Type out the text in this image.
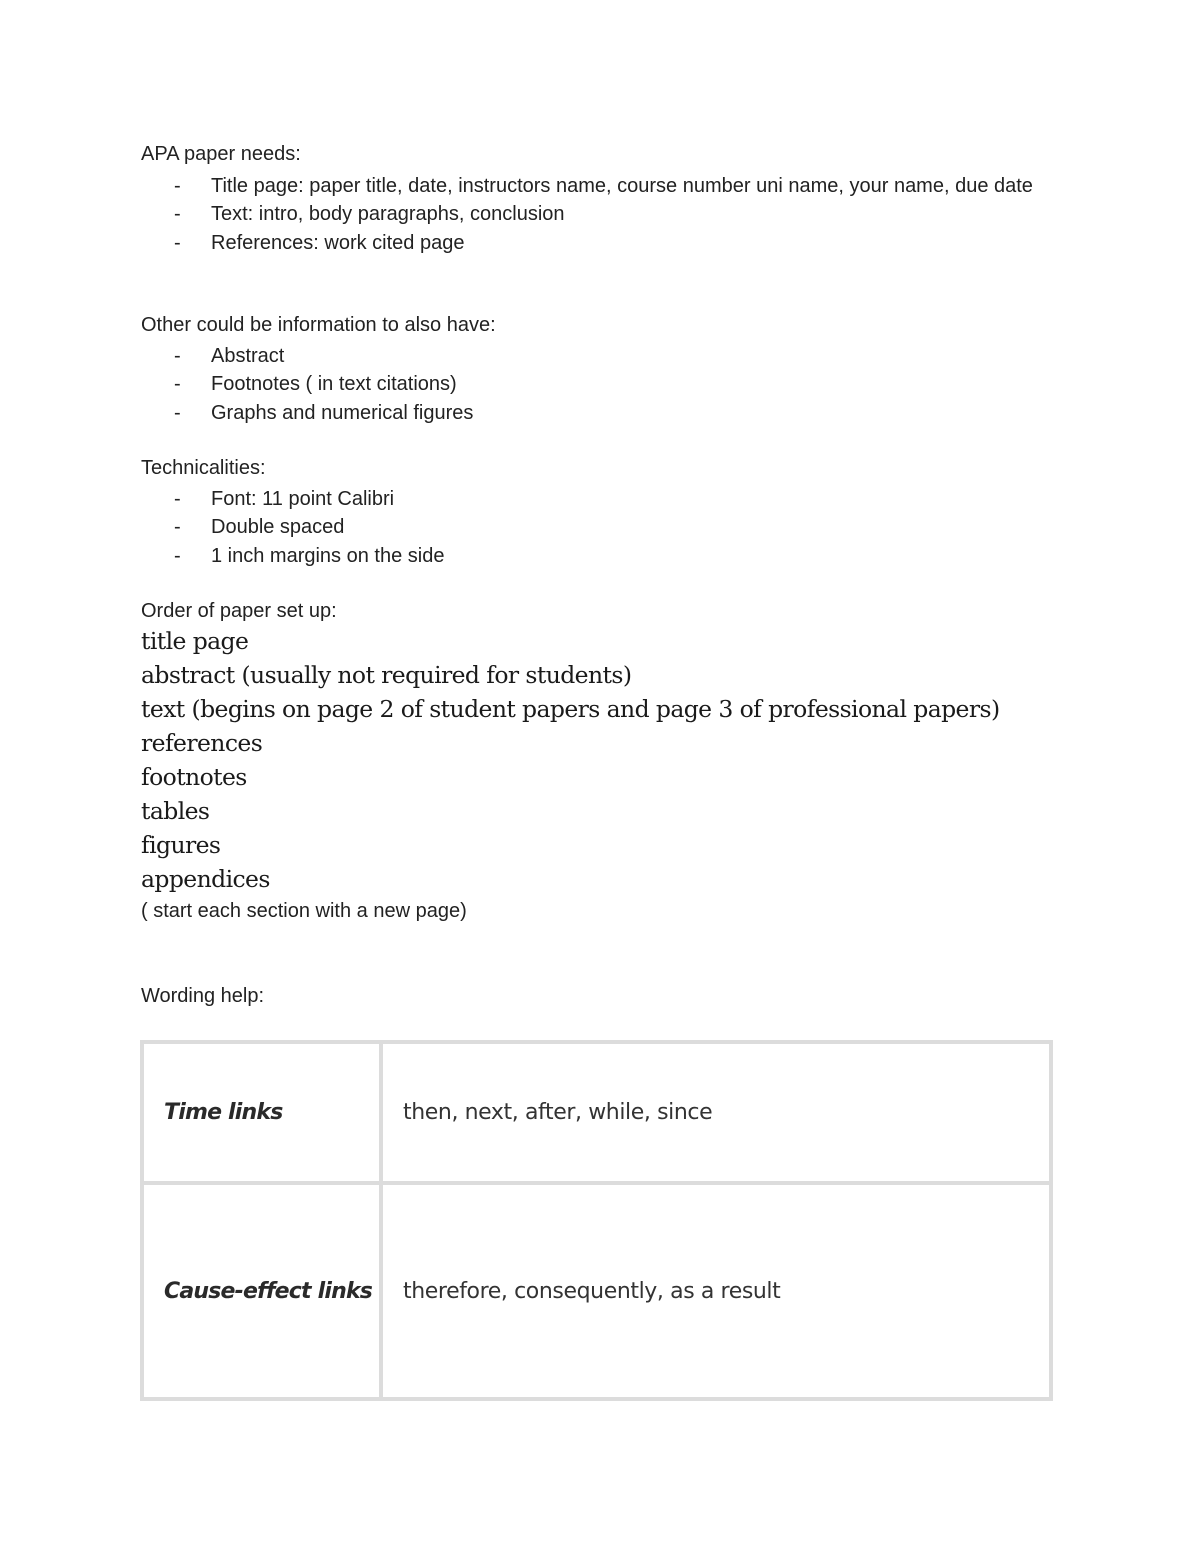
APA paper needs:
- Title page: paper title, date, instructors name, course number uni name, your name, due date
- Text: intro, body paragraphs, conclusion
- References: work cited page
Other could be information to also have:
- Abstract
- Footnotes ( in text citations)
- Graphs and numerical figures
Technicalities:
- Font: 11 point Calibri
- Double spaced
- 1 inch margins on the side
Order of paper set up:
title page
abstract (usually not required for students)
text (begins on page 2 of student papers and page 3 of professional papers)
references
footnotes
tables
figures
appendices
( start each section with a new page)
Wording help:
Time links	then, next, after, while, since
Cause-effect links	therefore, consequently, as a result
